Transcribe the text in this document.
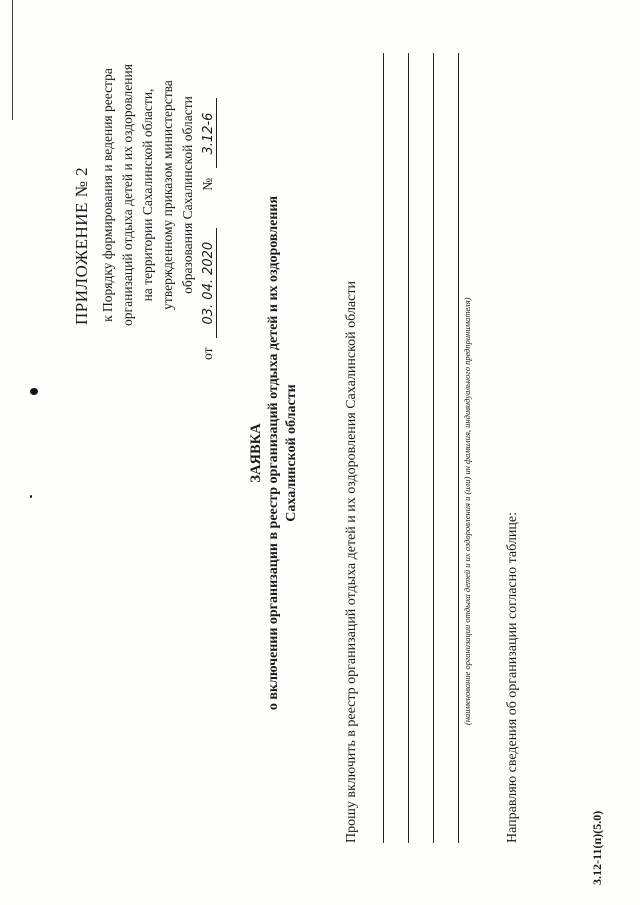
ПРИЛОЖЕНИЕ № 2 к Порядку формирования и ведения реестра организаций отдыха детей и их оздоровления на территории Сахалинской области, утвержденному приказом министерства образования Сахалинской области
от 03. 04. 2020 № 3.12-6
ЗАЯВКА о включении организации в реестр организаций отдыха детей и их оздоровления Сахалинской области	Прошу включить в реестр организаций отдыха детей и их оздоровления Сахалинской области	(наименование организации отдыха детей и их оздоровления и (или) ин фамилия, индивидуального предпринимателя) Направляю сведения об организации согласно таблице:
3.12-11(п)(5.0)
